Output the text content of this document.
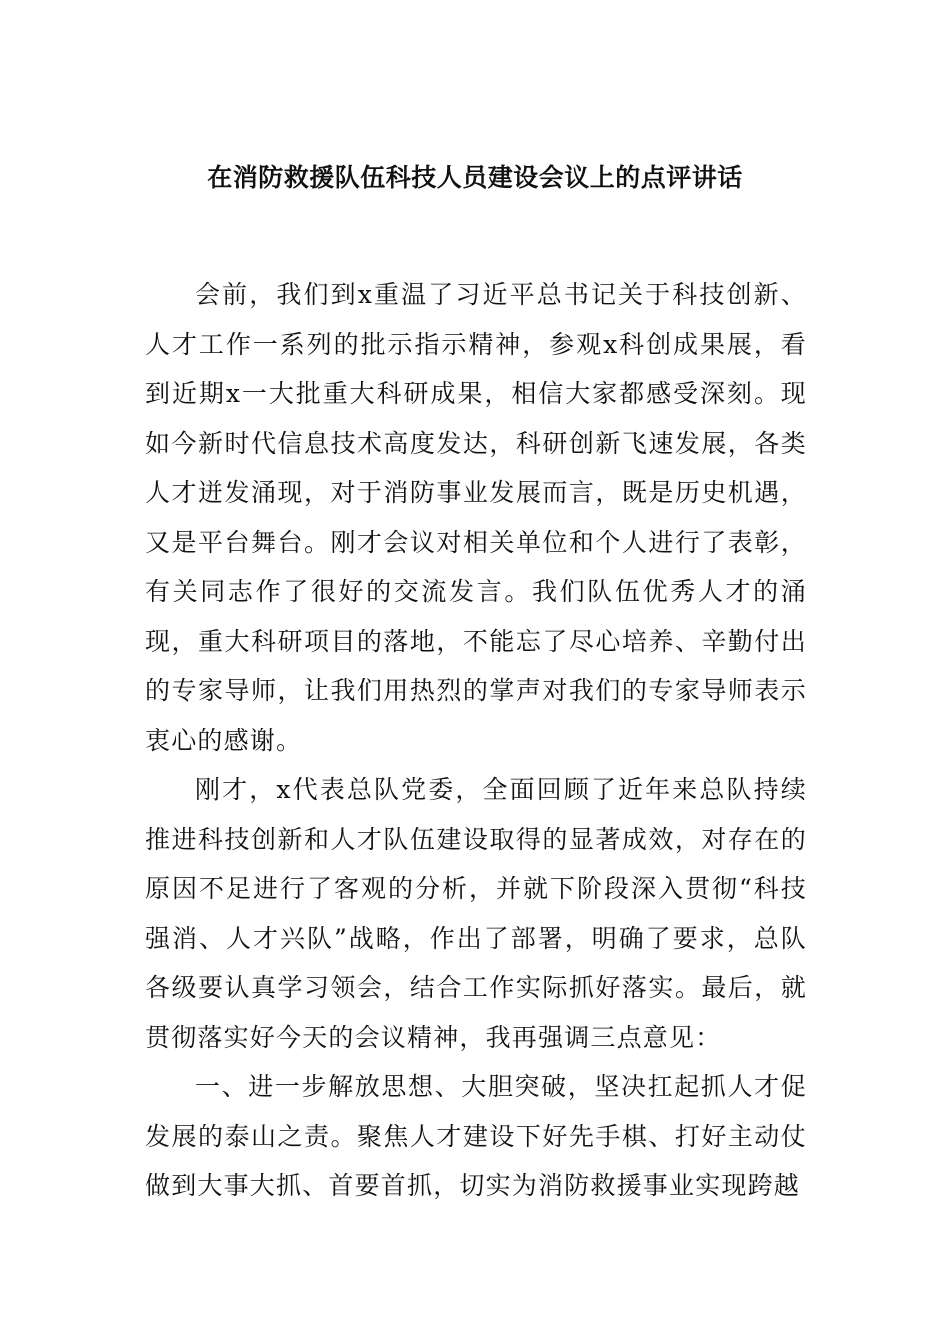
在消防救援队伍科技人员建设会议上的点评讲话

会前，我们到x重温了习近平总书记关于科技创新、人才工作一系列的批示指示精神，参观x科创成果展，看到近期x一大批重大科研成果，相信大家都感受深刻。现如今新时代信息技术高度发达，科研创新飞速发展，各类人才迸发涌现，对于消防事业发展而言，既是历史机遇，又是平台舞台。刚才会议对相关单位和个人进行了表彰，有关同志作了很好的交流发言。我们队伍优秀人才的涌现，重大科研项目的落地，不能忘了尽心培养、辛勤付出的专家导师，让我们用热烈的掌声对我们的专家导师表示衷心的感谢。

刚才，x代表总队党委，全面回顾了近年来总队持续推进科技创新和人才队伍建设取得的显著成效，对存在的原因不足进行了客观的分析，并就下阶段深入贯彻“科技强消、人才兴队”战略，作出了部署，明确了要求，总队各级要认真学习领会，结合工作实际抓好落实。最后，就贯彻落实好今天的会议精神，我再强调三点意见：

一、进一步解放思想、大胆突破，坚决扛起抓人才促发展的泰山之责。聚焦人才建设下好先手棋、打好主动仗做到大事大抓、首要首抓，切实为消防救援事业实现跨越
